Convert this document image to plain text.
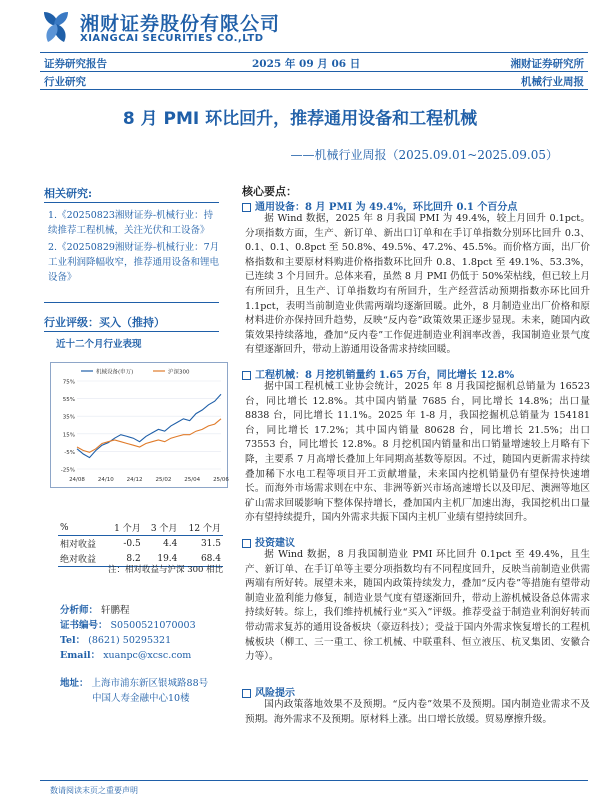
湘财证券股份有限公司
XIANGCAI SECURITIES CO.,LTD
证券研究报告	2025 年 09 月 06 日	湘财证券研究所
行业研究	机械行业周报
8 月 PMI 环比回升，推荐通用设备和工程机械
——机械行业周报（2025.09.01~2025.09.05）
相关研究:
1.《20250823湘财证券-机械行业：持续推荐工程机械，关注光伏和工设备》
2.《20250829湘财证券-机械行业：7月工业利润降幅收窄，推荐通用设备和锂电设备》
行业评级：买入（推持）
近十二个月行业表现
-25%
-5%
15%
35%
55%
75%
24/08 24/10 24/12 25/02 25/04 25/06
机械设备(申万)	沪深300
%	1 个月	3 个月	12 个月
相对收益	-0.5	4.4	31.5
绝对收益	8.2	19.4	68.4
注：相对收益与沪深 300 相比
分析师： 轩鹏程
证书编号： S0500521070003
Tel： (8621) 50295321
Email： xuanpc@xcsc.com
地址： 上海市浦东新区银城路88号
中国人寿金融中心10楼
核心要点：
通用设备：8 月 PMI 为 49.4%，环比回升 0.1 个百分点
据 Wind 数据，2025 年 8 月我国 PMI 为 49.4%，较上月回升 0.1pct。分项指数方面，生产、新订单、新出口订单和在手订单指数分别环比回升 0.3、0.1、0.1、0.8pct 至 50.8%、49.5%、47.2%、45.5%。而价格方面，出厂价格指数和主要原材料购进价格指数环比回升 0.8、1.8pct 至 49.1%、53.3%，已连续 3 个月回升。总体来看，虽然 8 月 PMI 仍低于 50%荣枯线，但已较上月有所回升，且生产、订单指数均有所回升，生产经营活动预期指数亦环比回升 1.1pct，表明当前制造业供需两端均逐渐回暖。此外，8 月制造业出厂价格和原材料进价亦保持回升趋势，反映“反内卷”政策效果正逐步显现。未来，随国内政策效果持续落地，叠加“反内卷”工作促进制造业利润率改善，我国制造业景气度有望逐渐回升，带动上游通用设备需求持续回暖。
工程机械：8 月挖机销量约 1.65 万台，同比增长 12.8%
据中国工程机械工业协会统计，2025 年 8 月我国挖掘机总销量为 16523 台，同比增长 12.8%。其中国内销量 7685 台，同比增长 14.8%；出口量 8838 台，同比增长 11.1%。2025 年 1-8 月，我国挖掘机总销量为 154181 台，同比增长 17.2%；其中国内销量 80628 台，同比增长 21.5%；出口 73553 台，同比增长 12.8%。8 月挖机国内销量和出口销量增速较上月略有下降，主要系 7 月高增长叠加上年同期高基数等原因。不过，随国内更新需求持续叠加稀下水电工程等项目开工贡献增量，未来国内挖机销量仍有望保持快速增长。而海外市场需求则在中东、非洲等新兴市场高速增长以及印尼、澳洲等地区矿山需求回暖影响下整体保持增长，叠加国内主机厂加速出海，我国挖机出口量亦有望持续提升，国内外需求共振下国内主机厂业绩有望持续回升。
投资建议
据 Wind 数据，8 月我国制造业 PMI 环比回升 0.1pct 至 49.4%，且生产、新订单、在手订单等主要分项指数均有不同程度回升，反映当前制造业供需两端有所好转。展望未来，随国内政策持续发力，叠加“反内卷”等措施有望带动制造业盈利能力修复，制造业景气度有望逐渐回升，带动上游机械设备总体需求持续好转。综上，我们维持机械行业“买入”评级。推荐受益于制造业利润好转而带动需求复苏的通用设备板块（豪迈科技）；受益于国内外需求恢复增长的工程机械板块（柳工、三一重工、徐工机械、中联重科、恒立液压、杭叉集团、安徽合力等）。
风险提示
国内政策落地效果不及预期。“反内卷”效果不及预期。国内制造业需求不及预期。海外需求不及预期。原材料上涨。出口增长放缓。贸易摩擦升级。
数请阅读末页之重要声明
